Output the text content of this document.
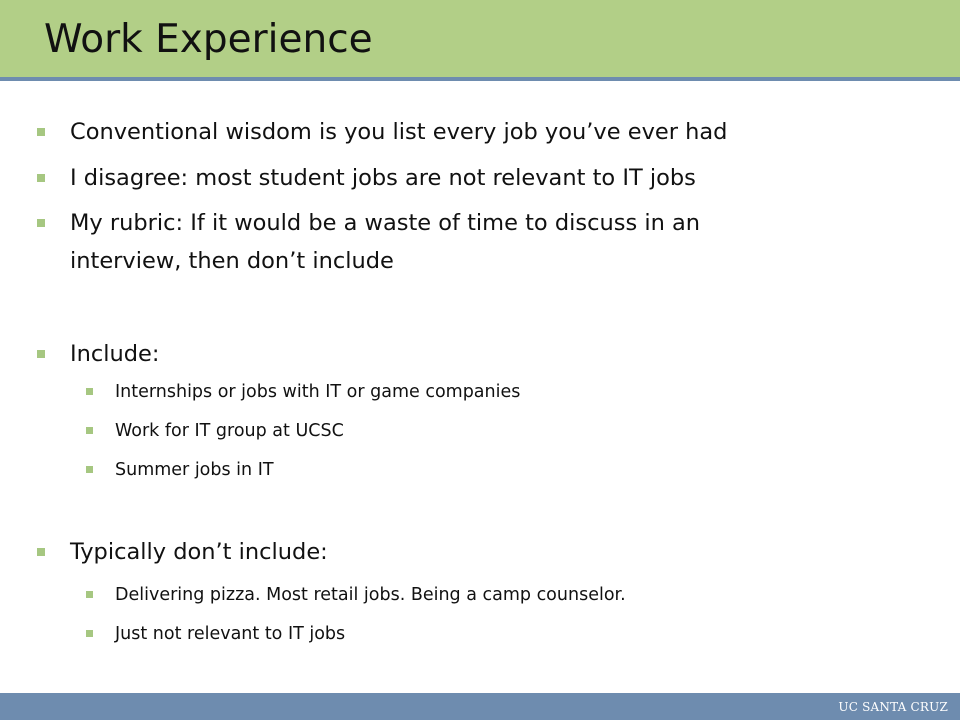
Work Experience
Conventional wisdom is you list every job you’ve ever had
I disagree: most student jobs are not relevant to IT jobs
My rubric: If it would be a waste of time to discuss in an
interview, then don’t include
Include:
Internships or jobs with IT or game companies
Work for IT group at UCSC
Summer jobs in IT
Typically don’t include:
Delivering pizza. Most retail jobs. Being a camp counselor.
Just not relevant to IT jobs
UC SANTA CRUZ
